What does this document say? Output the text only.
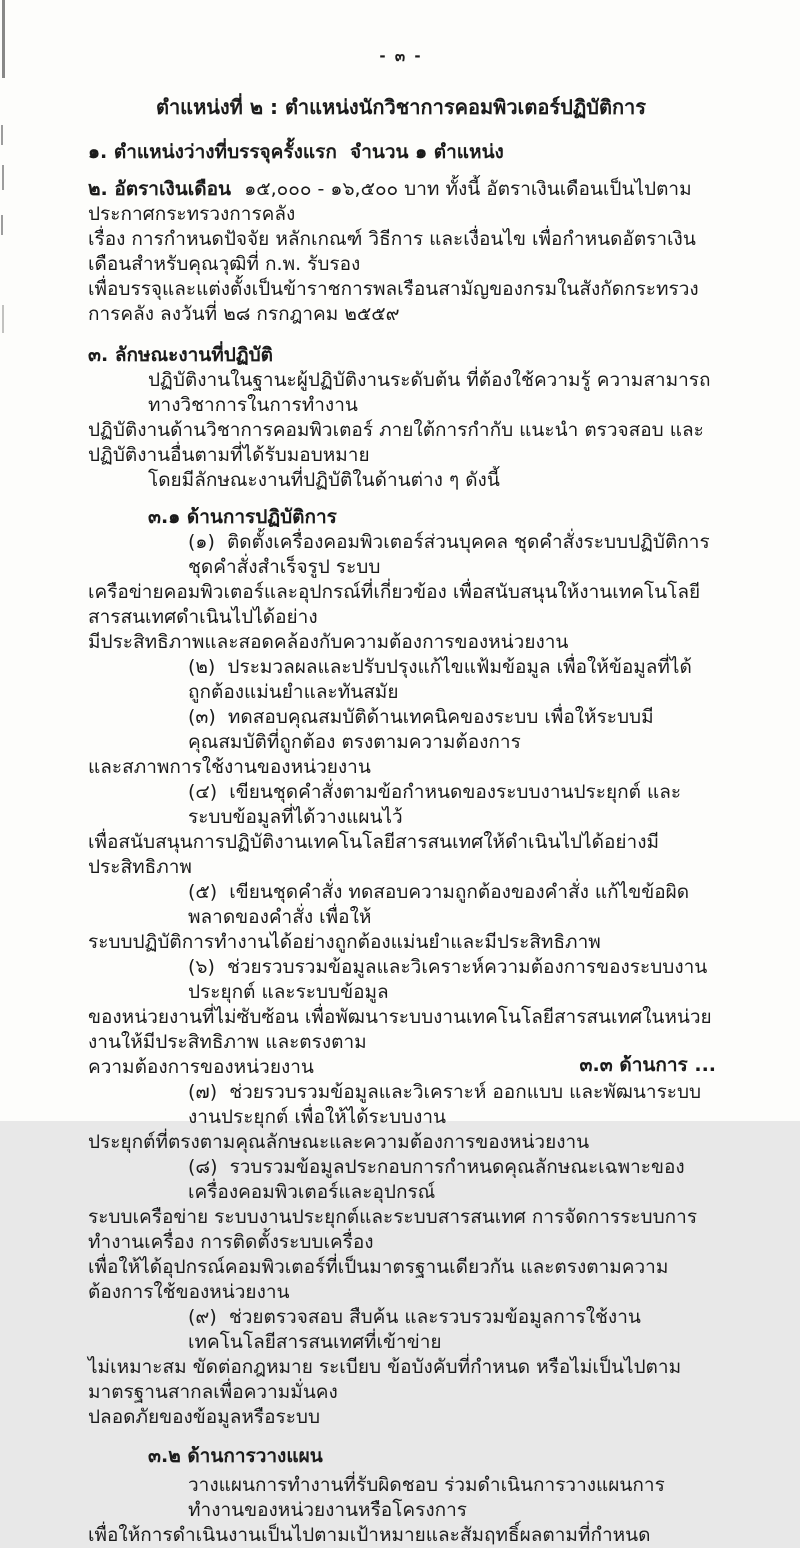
- ๓ -
ตำแหน่งที่ ๒ : ตำแหน่งนักวิชาการคอมพิวเตอร์ปฏิบัติการ
๑. ตำแหน่งว่างที่บรรจุครั้งแรก  จำนวน ๑ ตำแหน่ง
๒. อัตราเงินเดือน  ๑๕,๐๐๐ - ๑๖,๕๐๐ บาท ทั้งนี้ อัตราเงินเดือนเป็นไปตามประกาศกระทรวงการคลัง
เรื่อง การกำหนดปัจจัย หลักเกณฑ์ วิธีการ และเงื่อนไข เพื่อกำหนดอัตราเงินเดือนสำหรับคุณวุฒิที่ ก.พ. รับรอง
เพื่อบรรจุและแต่งตั้งเป็นข้าราชการพลเรือนสามัญของกรมในสังกัดกระทรวงการคลัง ลงวันที่ ๒๘ กรกฎาคม ๒๕๕๙
๓. ลักษณะงานที่ปฏิบัติ
ปฏิบัติงานในฐานะผู้ปฏิบัติงานระดับต้น ที่ต้องใช้ความรู้ ความสามารถทางวิชาการในการทำงาน
ปฏิบัติงานด้านวิชาการคอมพิวเตอร์ ภายใต้การกำกับ แนะนำ ตรวจสอบ และปฏิบัติงานอื่นตามที่ได้รับมอบหมาย
โดยมีลักษณะงานที่ปฏิบัติในด้านต่าง ๆ ดังนี้
๓.๑ ด้านการปฏิบัติการ
(๑)  ติดตั้งเครื่องคอมพิวเตอร์ส่วนบุคคล ชุดคำสั่งระบบปฏิบัติการ ชุดคำสั่งสำเร็จรูป ระบบ
เครือข่ายคอมพิวเตอร์และอุปกรณ์ที่เกี่ยวข้อง เพื่อสนับสนุนให้งานเทคโนโลยีสารสนเทศดำเนินไปได้อย่าง
มีประสิทธิภาพและสอดคล้องกับความต้องการของหน่วยงาน
(๒)  ประมวลผลและปรับปรุงแก้ไขแฟ้มข้อมูล เพื่อให้ข้อมูลที่ได้ถูกต้องแม่นยำและทันสมัย
(๓)  ทดสอบคุณสมบัติด้านเทคนิคของระบบ เพื่อให้ระบบมีคุณสมบัติที่ถูกต้อง ตรงตามความต้องการ
และสภาพการใช้งานของหน่วยงาน
(๔)  เขียนชุดคำสั่งตามข้อกำหนดของระบบงานประยุกต์ และระบบข้อมูลที่ได้วางแผนไว้
เพื่อสนับสนุนการปฏิบัติงานเทคโนโลยีสารสนเทศให้ดำเนินไปได้อย่างมีประสิทธิภาพ
(๕)  เขียนชุดคำสั่ง ทดสอบความถูกต้องของคำสั่ง แก้ไขข้อผิดพลาดของคำสั่ง เพื่อให้
ระบบปฏิบัติการทำงานได้อย่างถูกต้องแม่นยำและมีประสิทธิภาพ
(๖)  ช่วยรวบรวมข้อมูลและวิเคราะห์ความต้องการของระบบงานประยุกต์ และระบบข้อมูล
ของหน่วยงานที่ไม่ซับซ้อน เพื่อพัฒนาระบบงานเทคโนโลยีสารสนเทศในหน่วยงานให้มีประสิทธิภาพ และตรงตาม
ความต้องการของหน่วยงาน
(๗)  ช่วยรวบรวมข้อมูลและวิเคราะห์ ออกแบบ และพัฒนาระบบงานประยุกต์ เพื่อให้ได้ระบบงาน
ประยุกต์ที่ตรงตามคุณลักษณะและความต้องการของหน่วยงาน
(๘)  รวบรวมข้อมูลประกอบการกำหนดคุณลักษณะเฉพาะของเครื่องคอมพิวเตอร์และอุปกรณ์
ระบบเครือข่าย ระบบงานประยุกต์และระบบสารสนเทศ การจัดการระบบการทำงานเครื่อง การติดตั้งระบบเครื่อง
เพื่อให้ได้อุปกรณ์คอมพิวเตอร์ที่เป็นมาตรฐานเดียวกัน และตรงตามความต้องการใช้ของหน่วยงาน
(๙)  ช่วยตรวจสอบ สืบค้น และรวบรวมข้อมูลการใช้งานเทคโนโลยีสารสนเทศที่เข้าข่าย
ไม่เหมาะสม ขัดต่อกฎหมาย ระเบียบ ข้อบังคับที่กำหนด หรือไม่เป็นไปตามมาตรฐานสากลเพื่อความมั่นคง
ปลอดภัยของข้อมูลหรือระบบ
๓.๒ ด้านการวางแผน
วางแผนการทำงานที่รับผิดชอบ ร่วมดำเนินการวางแผนการทำงานของหน่วยงานหรือโครงการ
เพื่อให้การดำเนินงานเป็นไปตามเป้าหมายและสัมฤทธิ์ผลตามที่กำหนด
๓.๓ ด้านการ ...
